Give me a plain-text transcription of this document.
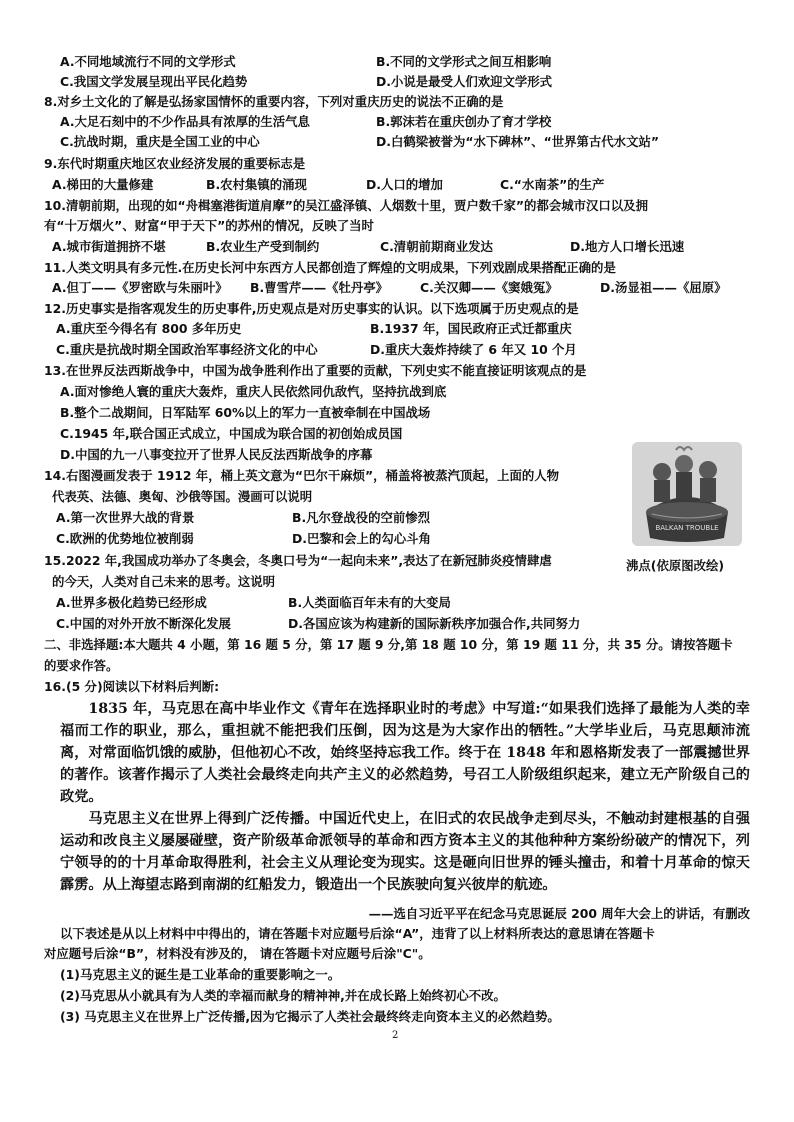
A.不同地域流行不同的文学形式	B.不同的文学形式之间互相影响
C.我国文学发展呈现出平民化趋势	D.小说是最受人们欢迎文学形式
8.对乡土文化的了解是弘扬家国情怀的重要内容，下列对重庆历史的说法不正确的是
A.大足石刻中的不少作品具有浓厚的生活气息	B.郭沫若在重庆创办了育才学校
C.抗战时期，重庆是全国工业的中心	D.白鹤梁被誉为“水下碑林”、“世界第古代水文站”
9.东代时期重庆地区农业经济发展的重要标志是
A.梯田的大量修建	B.农村集镇的涌现	D.人口的增加	C.“水南茶”的生产
10.清朝前期，出现的如“舟楫塞港街道肩摩”的吴江盛泽镇、人烟数十里，贾户数千家”的都会城市汉口以及拥
有“十万烟火”、财富“甲于天下”的苏州的情况，反映了当时
A.城市街道拥挤不堪	B.农业生产受到制约	C.清朝前期商业发达	D.地方人口增长迅速
11.人类文明具有多元性.在历史长河中东西方人民都创造了辉煌的文明成果，下列戏剧成果搭配正确的是
A.但丁——《罗密欧与朱丽叶》 B.曹雪芹——《牡丹亭》	C.关汉卿——《窦娥冤》	D.汤显祖——《屈原》
12.历史事实是指客观发生的历史事件,历史观点是对历史事实的认识。以下选项属于历史观点的是
A.重庆至今得名有 800 多年历史	B.1937 年，国民政府正式迁都重庆
C.重庆是抗战时期全国政治军事经济文化的中心	D.重庆大轰炸持续了 6 年又 10 个月
13.在世界反法西斯战争中，中国为战争胜利作出了重要的贡献，下列史实不能直接证明该观点的是
A.面对惨绝人寰的重庆大轰炸，重庆人民依然同仇敌忾，坚持抗战到底
B.整个二战期间，日军陆军 60%以上的军力一直被牵制在中国战场
C.1945 年,联合国正式成立，中国成为联合国的初创始成员国
D.中国的九一八事变拉开了世界人民反法西斯战争的序幕
14.右图漫画发表于 1912 年，桶上英文意为“巴尔干麻烦”，桶盖将被蒸汽顶起，上面的人物
代表英、法德、奥匈、沙俄等国。漫画可以说明
A.第一次世界大战的背景	B.凡尔登战役的空前惨烈
C.欧洲的优势地位被削弱	D.巴黎和会上的勾心斗角
BALKAN TROUBLE
15.2022 年,我国成功举办了冬奥会，冬奥口号为“一起向未来”,表达了在新冠肺炎疫情肆虐	沸点(依原图改绘)
的今天，人类对自己未来的思考。这说明
A.世界多极化趋势已经形成	B.人类面临百年未有的大变局
C.中国的对外开放不断深化发展	D.各国应该为构建新的国际新秩序加强合作,共同努力
二、非选择题:本大题共 4 小题，第 16 题 5 分，第 17 题 9 分,第 18 题 10 分，第 19 题 11 分，共 35 分。请按答题卡
的要求作答。
16.(5 分)阅读以下材料后判断:

1835 年，马克思在高中毕业作文《青年在选择职业时的考虑》中写道:“如果我们选择了最能为人类的幸福而工作的职业，那么，重担就不能把我们压倒，因为这是为大家作出的牺牲。”大学毕业后，马克思颠沛流离，对常面临饥饿的威胁，但他初心不改，始终坚持忘我工作。终于在 1848 年和恩格斯发表了一部震撼世界的著作。该著作揭示了人类社会最终走向共产主义的必然趋势，号召工人阶级组织起来，建立无产阶级自己的政党。

马克思主义在世界上得到广泛传播。中国近代史上，在旧式的农民战争走到尽头，不触动封建根基的自强运动和改良主义屡屡碰壁，资产阶级革命派领导的革命和西方资本主义的其他种种方案纷纷破产的情况下，列宁领导的的十月革命取得胜利，社会主义从理论变为现实。这是砸向旧世界的锤头撞击，和着十月革命的惊天霹雳。从上海望志路到南湖的红船发力，锻造出一个民族驶向复兴彼岸的航迹。

——选自习近平平在纪念马克思诞辰 200 周年大会上的讲话，有删改
以下表述是从以上材料中中得出的，请在答题卡对应题号后涂“A”，违背了以上材料所表达的意思请在答题卡
对应题号后涂“B”，材料没有涉及的， 请在答题卡对应题号后涂"C"。
(1)马克思主义的诞生是工业革命的重要影响之一。
(2)马克思从小就具有为人类的幸福而献身的精神神,并在成长路上始终初心不改。
(3) 马克思主义在世界上广泛传播,因为它揭示了人类社会最终终走向资本主义的必然趋势。
2
